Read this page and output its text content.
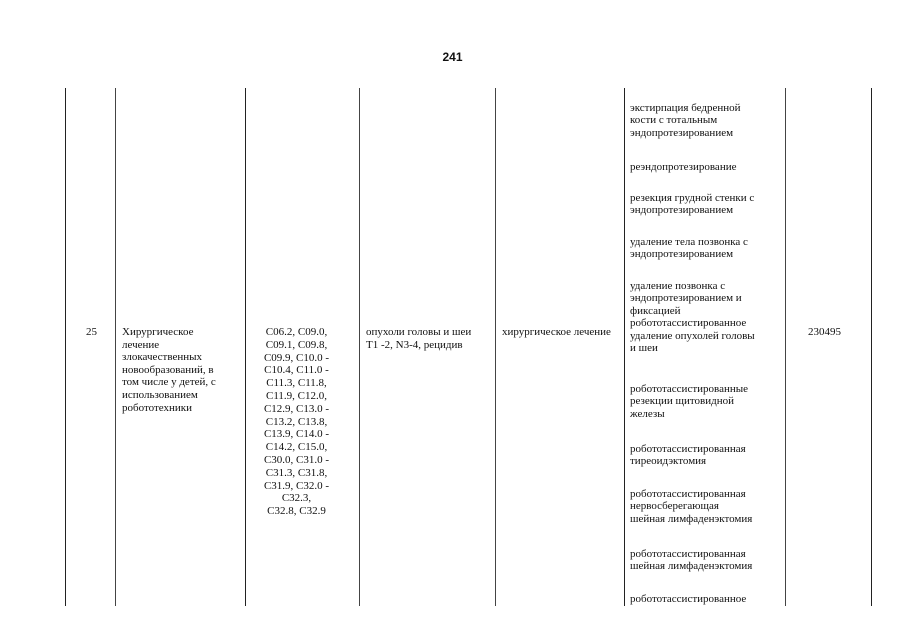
241
25	Хирургическое
лечение
злокачественных
новообразований, в
том числе у детей, с
использованием
робототехники
C06.2, C09.0,
C09.1, C09.8,
C09.9, C10.0 -
C10.4, C11.0 -
C11.3, C11.8,
C11.9, C12.0,
C12.9, C13.0 -
C13.2, C13.8,
C13.9, C14.0 -
C14.2, C15.0,
C30.0, C31.0 -
C31.3, C31.8,
C31.9, C32.0 -
C32.3,
C32.8, C32.9
опухоли головы и шеи
T1 -2, N3-4, рецидив
хирургическое лечение	230495
экстирпация бедренной
кости с тотальным
эндопротезированием
реэндопротезирование
резекция грудной стенки с
эндопротезированием
удаление тела позвонка с
эндопротезированием
удаление позвонка с
эндопротезированием и
фиксацией
робототассистированное
удаление опухолей головы
и шеи
робототассистированные
резекции щитовидной
железы
робототассистированная
тиреоидэктомия
робототассистированная
нервосберегающая
шейная лимфаденэктомия
робототассистированная
шейная лимфаденэктомия
робототассистированное
